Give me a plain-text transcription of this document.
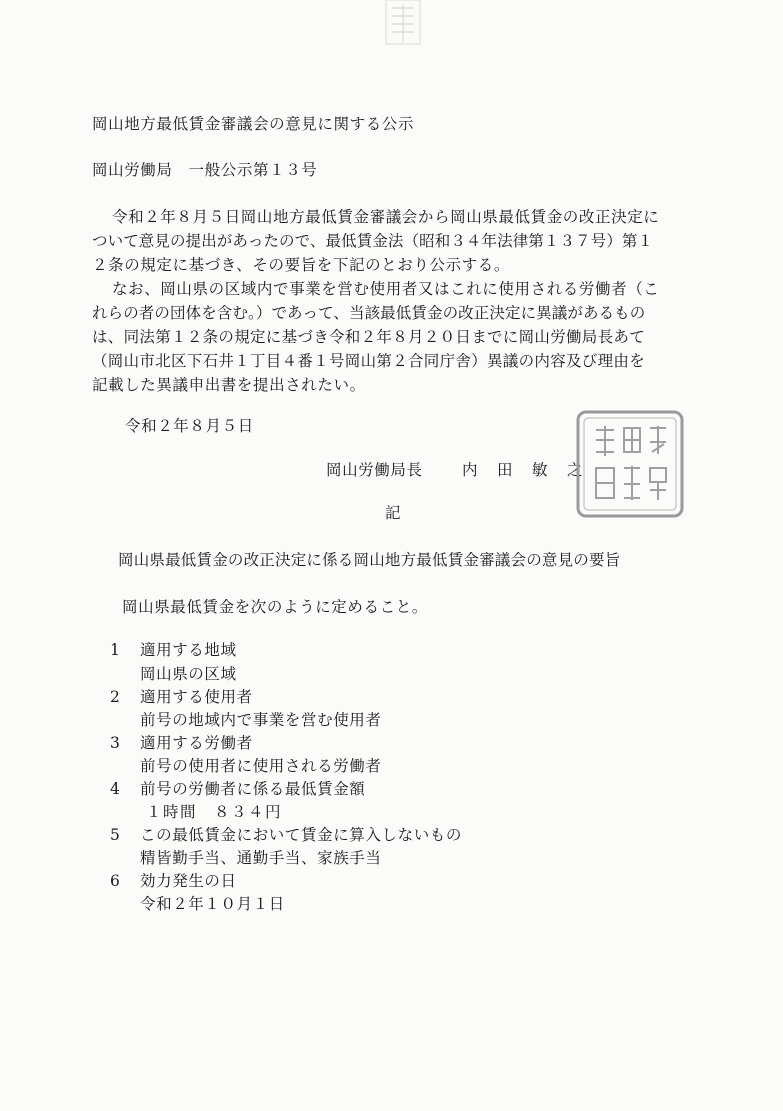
岡山地方最低賃金審議会の意見に関する公示
岡山労働局　一般公示第１３号
令和２年８月５日岡山地方最低賃金審議会から岡山県最低賃金の改正決定に
ついて意見の提出があったので、最低賃金法（昭和３４年法律第１３７号）第１
２条の規定に基づき、その要旨を下記のとおり公示する。
なお、岡山県の区域内で事業を営む使用者又はこれに使用される労働者（こ
れらの者の団体を含む。）であって、当該最低賃金の改正決定に異議があるもの
は、同法第１２条の規定に基づき令和２年８月２０日までに岡山労働局長あて
（岡山市北区下石井１丁目４番１号岡山第２合同庁舎）異議の内容及び理由を
記載した異議申出書を提出されたい。
令和２年８月５日
岡山労働局長	内　田　敏　之
記
岡山県最低賃金の改正決定に係る岡山地方最低賃金審議会の意見の要旨
岡山県最低賃金を次のように定めること。
1 適用する地域
岡山県の区域
2 適用する使用者
前号の地域内で事業を営む使用者
3 適用する労働者
前号の使用者に使用される労働者
4 前号の労働者に係る最低賃金額
１時間　８３４円
5 この最低賃金において賃金に算入しないもの
精皆勤手当、通勤手当、家族手当
6 効力発生の日
令和２年１０月１日
